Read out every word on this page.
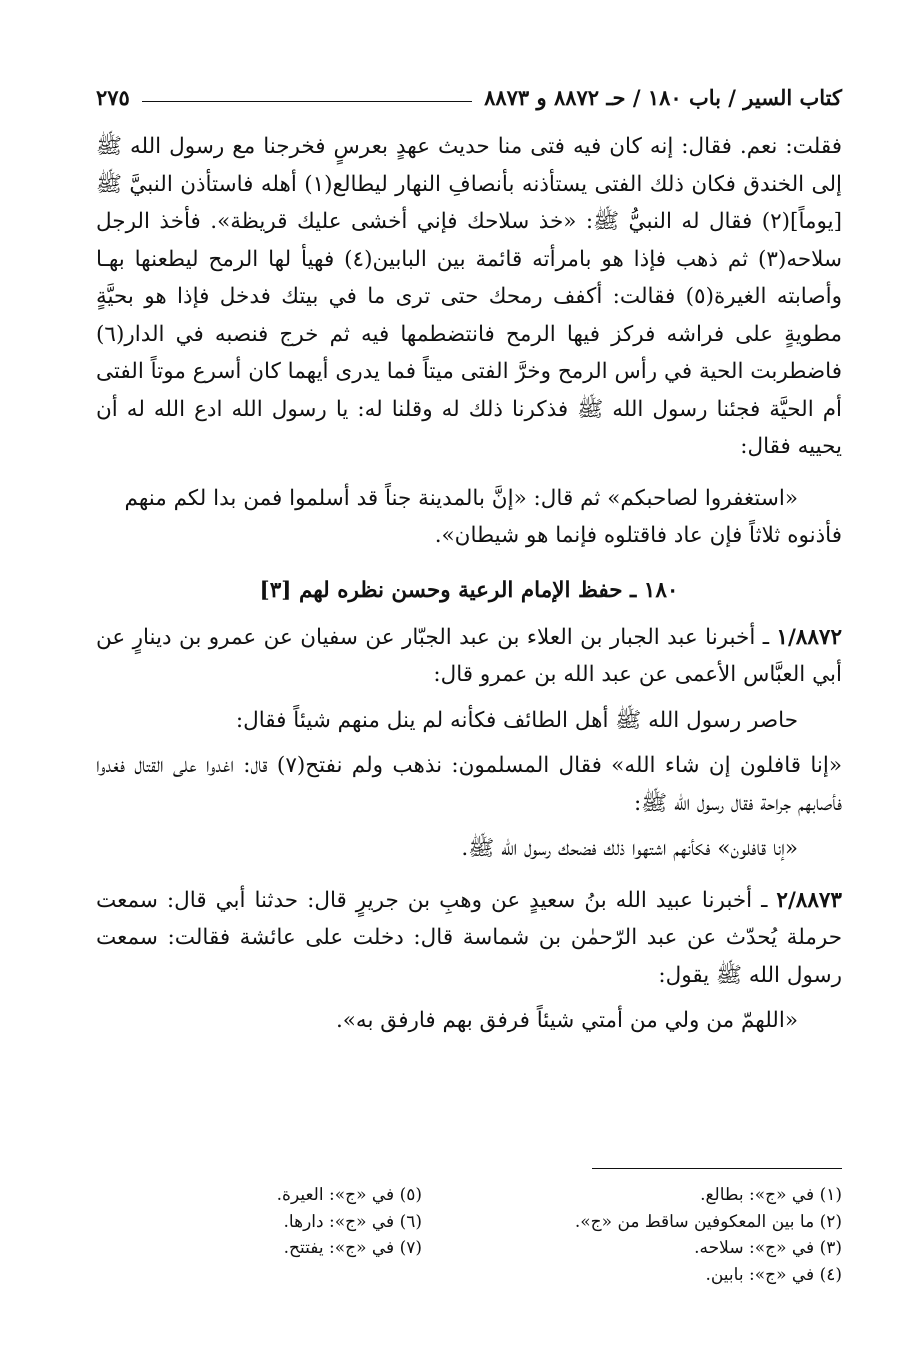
كتاب السير / باب ١٨٠ / حـ ٨٨٧٢ و ٨٨٧٣
٢٧٥

فقلت: نعم. فقال: إنه كان فيه فتى منا حديث عهدٍ بعرسٍ فخرجنا مع رسول الله ﷺ إلى الخندق فكان ذلك الفتى يستأذنه بأنصافِ النهار ليطالع(١) أهله فاستأذن النبيَّ ﷺ [يوماً](٢) فقال له النبيُّ ﷺ: «خذ سلاحك فإني أخشى عليك قريظة». فأخذ الرجل سلاحه(٣) ثم ذهب فإذا هو بامرأته قائمة بين البابين(٤) فهيأ لها الرمح ليطعنها بهـا وأصابته الغيرة(٥) فقالت: أكفف رمحك حتى ترى ما في بيتك فدخل فإذا هو بحيَّةٍ مطويةٍ على فراشه فركز فيها الرمح فانتضطمها فيه ثم خرج فنصبه في الدار(٦) فاضطربت الحية في رأس الرمح وخرَّ الفتى ميتاً فما يدرى أيهما كان أسرع موتاً الفتى أم الحيَّة فجئنا رسول الله ﷺ فذكرنا ذلك له وقلنا له: يا رسول الله ادع الله له أن يحييه فقال:

«استغفروا لصاحبكم» ثم قال: «إنَّ بالمدينة جناً قد أسلموا فمن بدا لكم منهم فأذنوه ثلاثاً فإن عاد فاقتلوه فإنما هو شيطان».

١٨٠ ـ حفظ الإمام الرعية وحسن نظره لهم [٣]

١/٨٨٧٢ ـ أخبرنا عبد الجبار بن العلاء بن عبد الجبّار عن سفيان عن عمرو بن دينارٍ عن أبي العبَّاس الأعمى عن عبد الله بن عمرو قال:

حاصر رسول الله ﷺ أهل الطائف فكأنه لم ينل منهم شيئاً فقال:

«إنا قافلون إن شاء الله» فقال المسلمون: نذهب ولم نفتح(٧) قال: اغدوا على القتال فغدوا فأصابهم جراحة فقال رسول الله ﷺ:

«إنا قافلون» فكأنهم اشتهوا ذلك فضحك رسول الله ﷺ.

٢/٨٨٧٣ ـ أخبرنا عبيد الله بنُ سعيدٍ عن وهبِ بن جريرٍ قال: حدثنا أبي قال: سمعت حرملة يُحدّث عن عبد الرّحمٰن بن شماسة قال: دخلت على عائشة فقالت: سمعت رسول الله ﷺ يقول:

«اللهمّ من ولي من أمتي شيئاً فرفق بهم فارفق به».

(١) في «ج»: بطالع.
(٢) ما بين المعكوفين ساقط من «ج».
(٣) في «ج»: سلاحه.
(٤) في «ج»: بابين.
(٥) في «ج»: العيرة.
(٦) في «ج»: دارها.
(٧) في «ج»: يفتتح.
